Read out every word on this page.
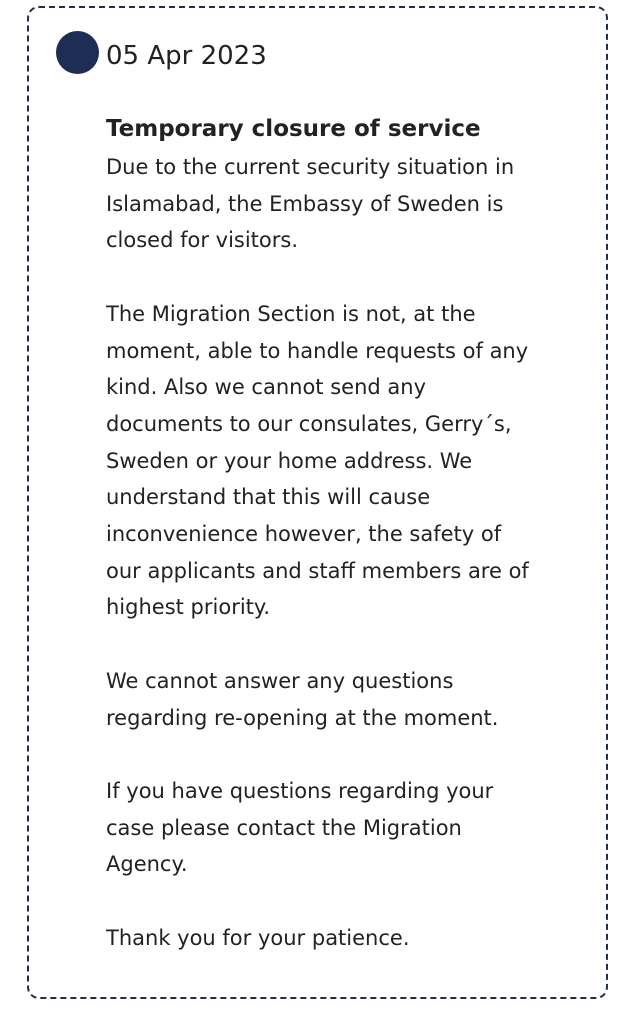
05 Apr 2023
Temporary closure of service
Due to the current security situation in
Islamabad, the Embassy of Sweden is
closed for visitors.
The Migration Section is not, at the
moment, able to handle requests of any
kind. Also we cannot send any
documents to our consulates, Gerry´s,
Sweden or your home address. We
understand that this will cause
inconvenience however, the safety of
our applicants and staff members are of
highest priority.
We cannot answer any questions
regarding re-opening at the moment.
If you have questions regarding your
case please contact the Migration
Agency.
Thank you for your patience.
